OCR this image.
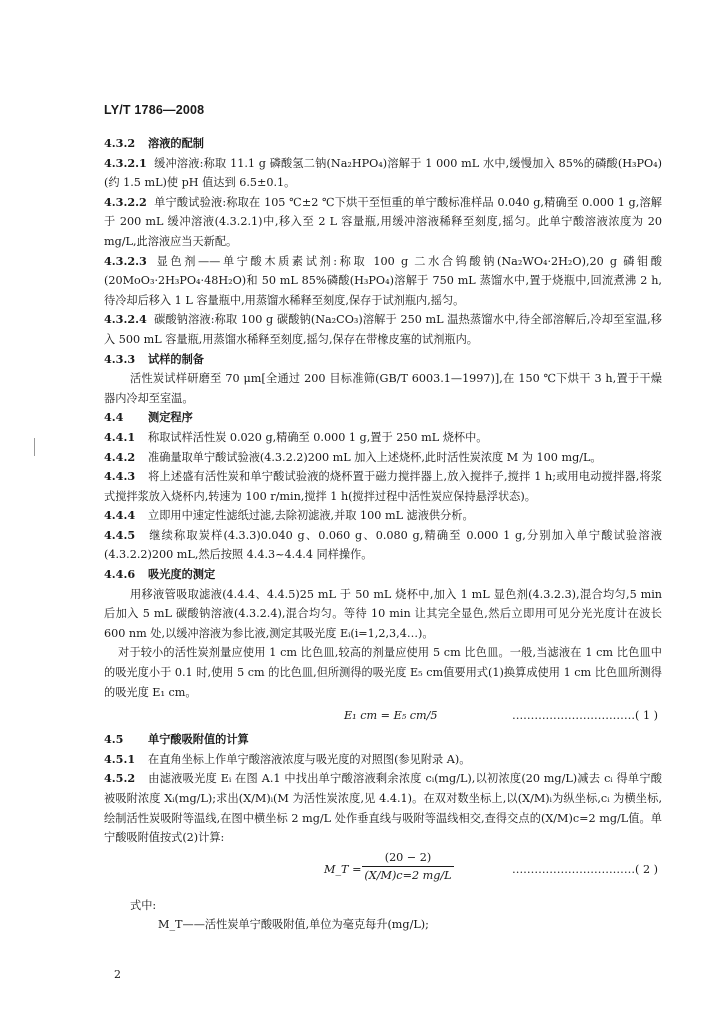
LY/T 1786—2008

4.3.2 溶液的配制

4.3.2.1 缓冲溶液:称取 11.1 g 磷酸氢二钠(Na₂HPO₄)溶解于 1 000 mL 水中,缓慢加入 85%的磷酸(H₃PO₄)(约 1.5 mL)使 pH 值达到 6.5±0.1。

4.3.2.2 单宁酸试验液:称取在 105 ℃±2 ℃下烘干至恒重的单宁酸标准样品 0.040 g,精确至 0.000 1 g,溶解于 200 mL 缓冲溶液(4.3.2.1)中,移入至 2 L 容量瓶,用缓冲溶液稀释至刻度,摇匀。此单宁酸溶液浓度为 20 mg/L,此溶液应当天新配。

4.3.2.3 显色剂——单宁酸木质素试剂:称取 100 g 二水合钨酸钠(Na₂WO₄·2H₂O),20 g 磷钼酸(20MoO₃·2H₃PO₄·48H₂O)和 50 mL 85%磷酸(H₃PO₄)溶解于 750 mL 蒸馏水中,置于烧瓶中,回流煮沸 2 h,待冷却后移入 1 L 容量瓶中,用蒸馏水稀释至刻度,保存于试剂瓶内,摇匀。

4.3.2.4 碳酸钠溶液:称取 100 g 碳酸钠(Na₂CO₃)溶解于 250 mL 温热蒸馏水中,待全部溶解后,冷却至室温,移入 500 mL 容量瓶,用蒸馏水稀释至刻度,摇匀,保存在带橡皮塞的试剂瓶内。

4.3.3 试样的制备

活性炭试样研磨至 70 μm[全通过 200 目标准筛(GB/T 6003.1—1997)],在 150 ℃下烘干 3 h,置于干燥器内冷却至室温。

4.4 测定程序

4.4.1 称取试样活性炭 0.020 g,精确至 0.000 1 g,置于 250 mL 烧杯中。

4.4.2 准确量取单宁酸试验液(4.3.2.2)200 mL 加入上述烧杯,此时活性炭浓度 M 为 100 mg/L。

4.4.3 将上述盛有活性炭和单宁酸试验液的烧杯置于磁力搅拌器上,放入搅拌子,搅拌 1 h;或用电动搅拌器,将浆式搅拌浆放入烧杯内,转速为 100 r/min,搅拌 1 h(搅拌过程中活性炭应保持悬浮状态)。

4.4.4 立即用中速定性滤纸过滤,去除初滤液,并取 100 mL 滤液供分析。

4.4.5 继续称取炭样(4.3.3)0.040 g、0.060 g、0.080 g,精确至 0.000 1 g,分别加入单宁酸试验溶液(4.3.2.2)200 mL,然后按照 4.4.3~4.4.4 同样操作。

4.4.6 吸光度的测定

用移液管吸取滤液(4.4.4、4.4.5)25 mL 于 50 mL 烧杯中,加入 1 mL 显色剂(4.3.2.3),混合均匀,5 min 后加入 5 mL 碳酸钠溶液(4.3.2.4),混合均匀。等待 10 min 让其完全显色,然后立即用可见分光光度计在波长 600 nm 处,以缓冲溶液为参比液,测定其吸光度 Eᵢ(i=1,2,3,4…)。

对于较小的活性炭剂量应使用 1 cm 比色皿,较高的剂量应使用 5 cm 比色皿。一般,当滤液在 1 cm 比色皿中的吸光度小于 0.1 时,使用 5 cm 的比色皿,但所测得的吸光度 E₅ cm值要用式(1)换算成使用 1 cm 比色皿所测得的吸光度 E₁ cm。

E₁ cm = E₅ cm/5	……………………………( 1 )

4.5 单宁酸吸附值的计算

4.5.1 在直角坐标上作单宁酸溶液浓度与吸光度的对照图(参见附录 A)。

4.5.2 由滤液吸光度 Eᵢ 在图 A.1 中找出单宁酸溶液剩余浓度 cᵢ(mg/L),以初浓度(20 mg/L)减去 cᵢ 得单宁酸被吸附浓度 Xᵢ(mg/L);求出(X/M)ᵢ(M 为活性炭浓度,见 4.4.1)。在双对数坐标上,以(X/M)ᵢ为纵坐标,cᵢ 为横坐标,绘制活性炭吸附等温线,在图中横坐标 2 mg/L 处作垂直线与吸附等温线相交,查得交点的(X/M)c=2 mg/L值。单宁酸吸附值按式(2)计算:

M_T = $\frac{(20 - 2)}{(X/M)c=2 mg/L}$	……………………………( 2 )

式中:

M_T——活性炭单宁酸吸附值,单位为毫克每升(mg/L);

2
